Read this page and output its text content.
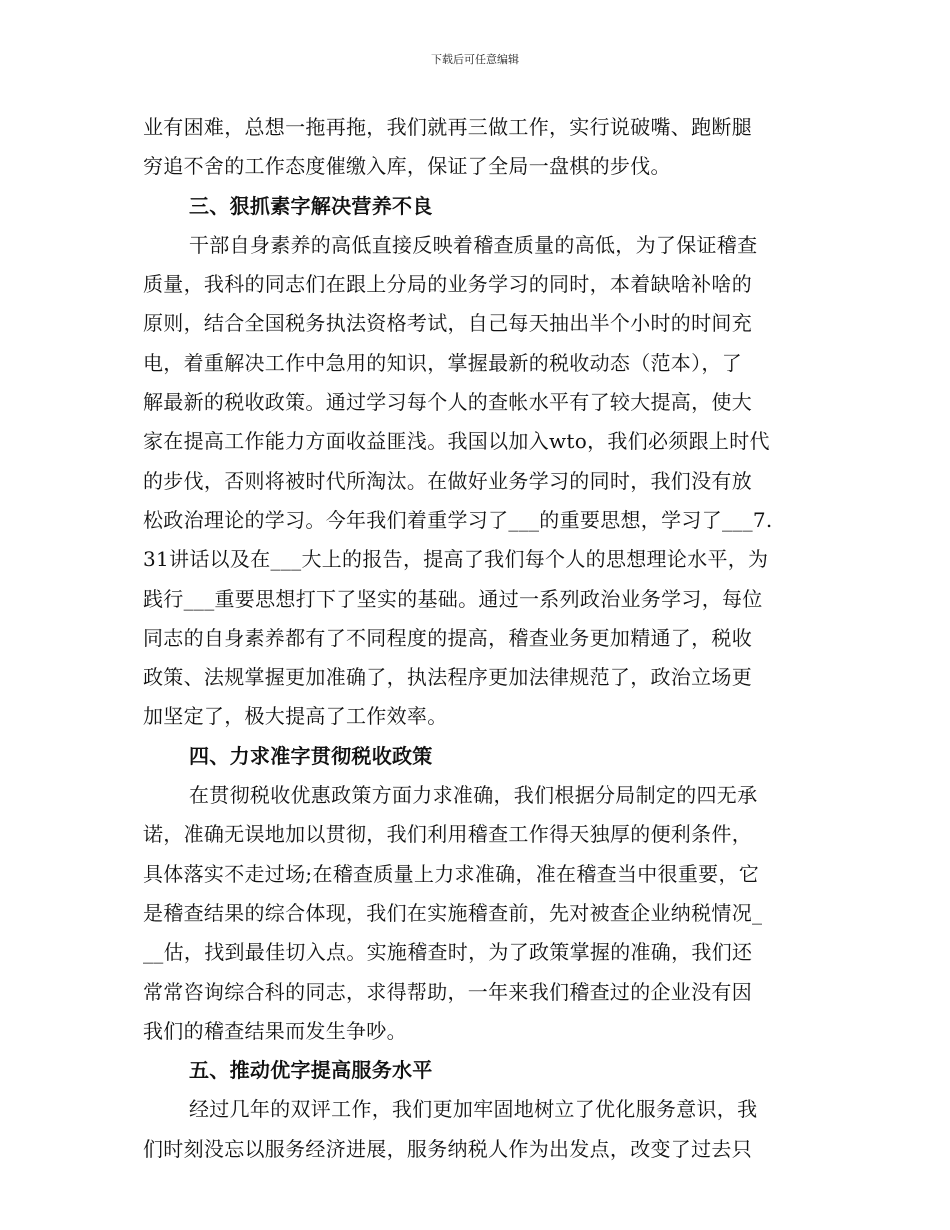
下载后可任意编辑
业有困难，总想一拖再拖，我们就再三做工作，实行说破嘴、跑断腿
穷追不舍的工作态度催缴入库，保证了全局一盘棋的步伐。
三、狠抓素字解决营养不良
干部自身素养的高低直接反映着稽查质量的高低，为了保证稽查
质量，我科的同志们在跟上分局的业务学习的同时，本着缺啥补啥的
原则，结合全国税务执法资格考试，自己每天抽出半个小时的时间充
电，着重解决工作中急用的知识，掌握最新的税收动态（范本），了
解最新的税收政策。通过学习每个人的查帐水平有了较大提高，使大
家在提高工作能力方面收益匪浅。我国以加入wto，我们必须跟上时代
的步伐，否则将被时代所淘汰。在做好业务学习的同时，我们没有放
松政治理论的学习。今年我们着重学习了___的重要思想，学习了___7.
31讲话以及在___大上的报告，提高了我们每个人的思想理论水平，为
践行___重要思想打下了坚实的基础。通过一系列政治业务学习，每位
同志的自身素养都有了不同程度的提高，稽查业务更加精通了，税收
政策、法规掌握更加准确了，执法程序更加法律规范了，政治立场更
加坚定了，极大提高了工作效率。
四、力求准字贯彻税收政策
在贯彻税收优惠政策方面力求准确，我们根据分局制定的四无承
诺，准确无误地加以贯彻，我们利用稽查工作得天独厚的便利条件，
具体落实不走过场;在稽查质量上力求准确，准在稽查当中很重要，它
是稽查结果的综合体现，我们在实施稽查前，先对被查企业纳税情况_
__估，找到最佳切入点。实施稽查时，为了政策掌握的准确，我们还
常常咨询综合科的同志，求得帮助，一年来我们稽查过的企业没有因
我们的稽查结果而发生争吵。
五、推动优字提高服务水平
经过几年的双评工作，我们更加牢固地树立了优化服务意识，我
们时刻没忘以服务经济进展，服务纳税人作为出发点，改变了过去只
